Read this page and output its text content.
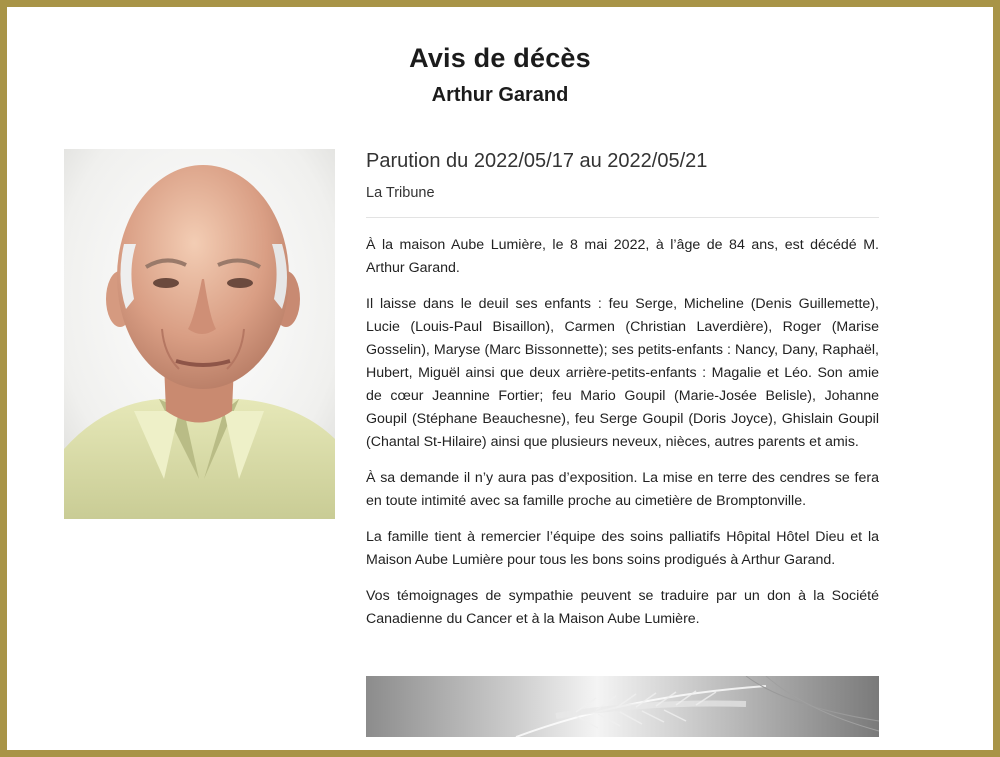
Avis de décès
Arthur Garand
Parution du 2022/05/17 au 2022/05/21
La Tribune

À la maison Aube Lumière, le 8 mai 2022, à l’âge de 84 ans, est décédé M. Arthur Garand.

Il laisse dans le deuil ses enfants : feu Serge, Micheline (Denis Guillemette), Lucie (Louis-Paul Bisaillon), Carmen (Christian Laverdière), Roger (Marise Gosselin), Maryse (Marc Bissonnette); ses petits-enfants : Nancy, Dany, Raphaël, Hubert, Miguël ainsi que deux arrière-petits-enfants : Magalie et Léo. Son amie de cœur Jeannine Fortier; feu Mario Goupil (Marie-Josée Belisle), Johanne Goupil (Stéphane Beauchesne), feu Serge Goupil (Doris Joyce), Ghislain Goupil (Chantal St-Hilaire) ainsi que plusieurs neveux, nièces, autres parents et amis.

À sa demande il n’y aura pas d’exposition. La mise en terre des cendres se fera en toute intimité avec sa famille proche au cimetière de Bromptonville.

La famille tient à remercier l’équipe des soins palliatifs Hôpital Hôtel Dieu et la Maison Aube Lumière pour tous les bons soins prodigués à Arthur Garand.

Vos témoignages de sympathie peuvent se traduire par un don à la Société Canadienne du Cancer et à la Maison Aube Lumière.
